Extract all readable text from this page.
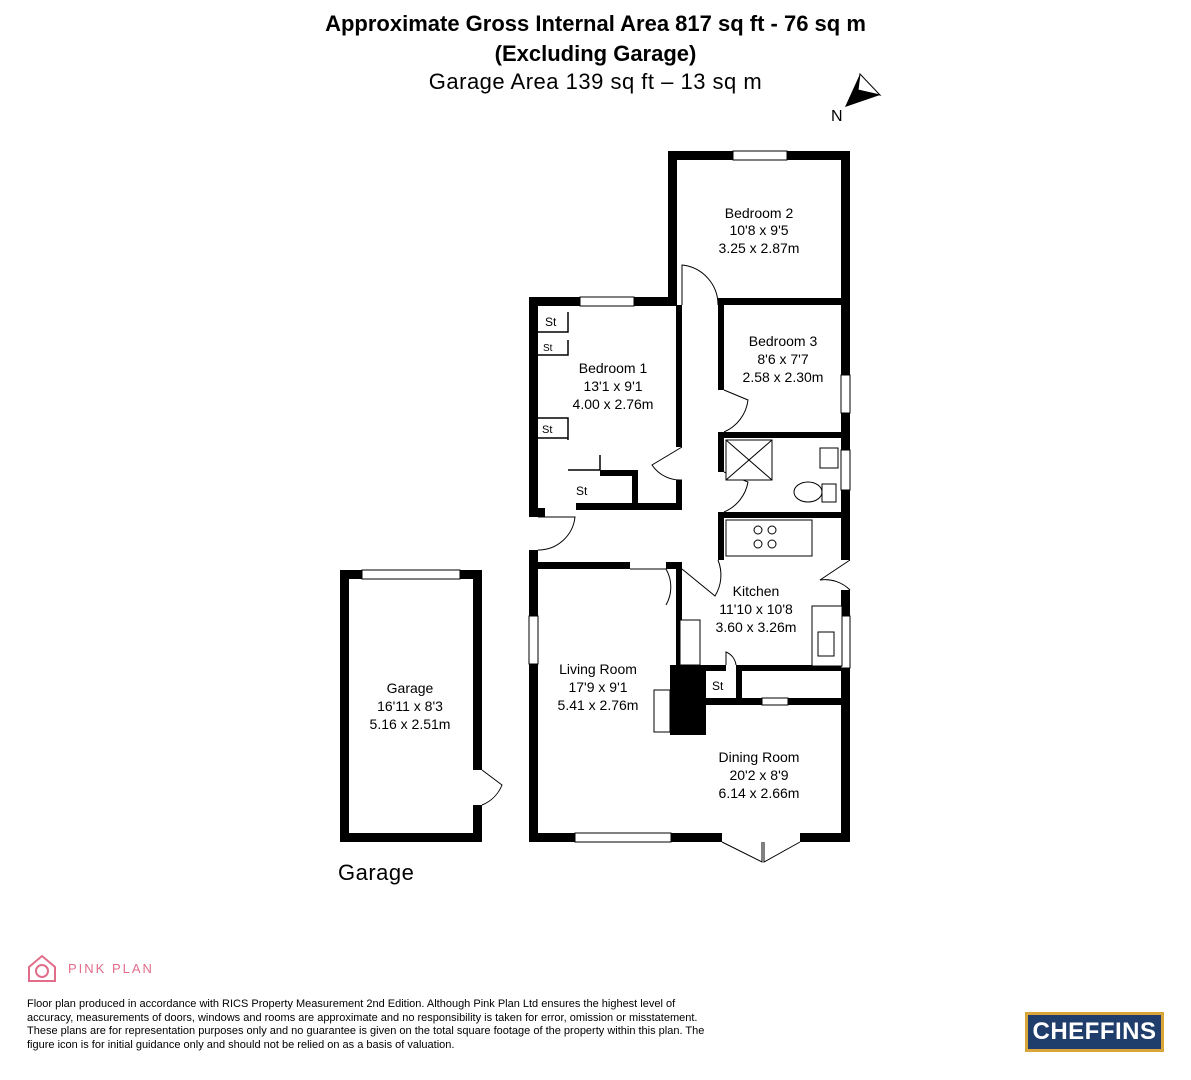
Approximate Gross Internal Area 817 sq ft - 76 sq m
(Excluding Garage)
Garage Area 139 sq ft – 13 sq m
N
Bedroom 2
10'8 x 9'5
3.25 x 2.87m
Bedroom 3
8'6 x 7'7
2.58 x 2.30m
Bedroom 1
13'1 x 9'1
4.00 x 2.76m
Kitchen
11'10 x 10'8
3.60 x 3.26m
Living Room
17'9 x 9'1
5.41 x 2.76m
Dining Room
20'2 x 8'9
6.14 x 2.66m
Garage
16'11 x 8'3
5.16 x 2.51m
St
St
St
St
St
Garage
PINK PLAN
Floor plan produced in accordance with RICS Property Measurement 2nd Edition. Although Pink Plan Ltd ensures the highest level of accuracy, measurements of doors, windows and rooms are approximate and no responsibility is taken for error, omission or misstatement. These plans are for representation purposes only and no guarantee is given on the total square footage of the property within this plan. The figure icon is for initial guidance only and should not be relied on as a basis of valuation.	CHEFFINS
